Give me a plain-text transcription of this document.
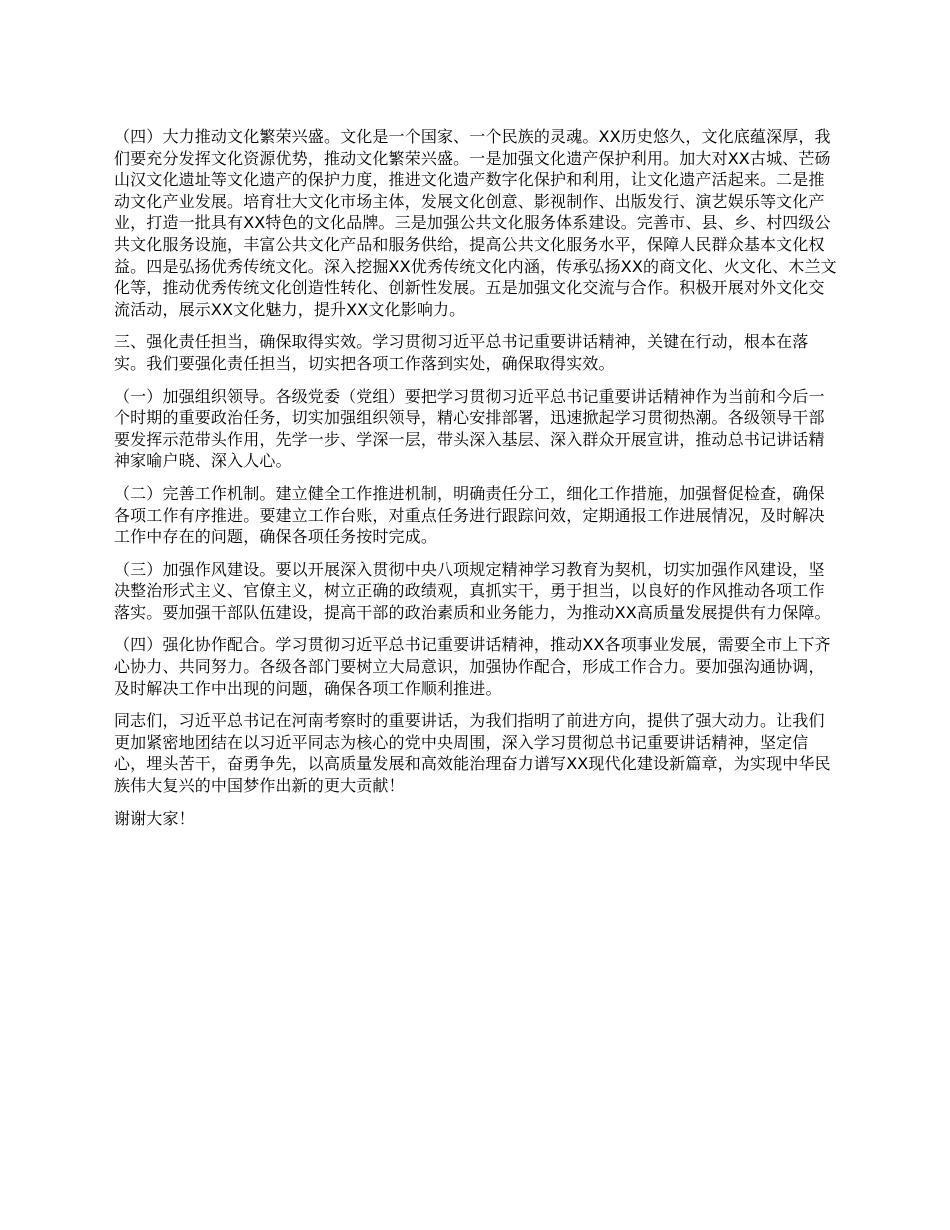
（四）大力推动文化繁荣兴盛。文化是一个国家、一个民族的灵魂。XX历史悠久，文化底蕴深厚，我们要充分发挥文化资源优势，推动文化繁荣兴盛。一是加强文化遗产保护利用。加大对XX古城、芒砀山汉文化遗址等文化遗产的保护力度，推进文化遗产数字化保护和利用，让文化遗产活起来。二是推动文化产业发展。培育壮大文化市场主体，发展文化创意、影视制作、出版发行、演艺娱乐等文化产业，打造一批具有XX特色的文化品牌。三是加强公共文化服务体系建设。完善市、县、乡、村四级公共文化服务设施，丰富公共文化产品和服务供给，提高公共文化服务水平，保障人民群众基本文化权益。四是弘扬优秀传统文化。深入挖掘XX优秀传统文化内涵，传承弘扬XX的商文化、火文化、木兰文化等，推动优秀传统文化创造性转化、创新性发展。五是加强文化交流与合作。积极开展对外文化交流活动，展示XX文化魅力，提升XX文化影响力。

三、强化责任担当，确保取得实效。学习贯彻习近平总书记重要讲话精神，关键在行动，根本在落实。我们要强化责任担当，切实把各项工作落到实处，确保取得实效。

（一）加强组织领导。各级党委（党组）要把学习贯彻习近平总书记重要讲话精神作为当前和今后一个时期的重要政治任务，切实加强组织领导，精心安排部署，迅速掀起学习贯彻热潮。各级领导干部要发挥示范带头作用，先学一步、学深一层，带头深入基层、深入群众开展宣讲，推动总书记讲话精神家喻户晓、深入人心。

（二）完善工作机制。建立健全工作推进机制，明确责任分工，细化工作措施，加强督促检查，确保各项工作有序推进。要建立工作台账，对重点任务进行跟踪问效，定期通报工作进展情况，及时解决工作中存在的问题，确保各项任务按时完成。

（三）加强作风建设。要以开展深入贯彻中央八项规定精神学习教育为契机，切实加强作风建设，坚决整治形式主义、官僚主义，树立正确的政绩观，真抓实干，勇于担当，以良好的作风推动各项工作落实。要加强干部队伍建设，提高干部的政治素质和业务能力，为推动XX高质量发展提供有力保障。

（四）强化协作配合。学习贯彻习近平总书记重要讲话精神，推动XX各项事业发展，需要全市上下齐心协力、共同努力。各级各部门要树立大局意识，加强协作配合，形成工作合力。要加强沟通协调，及时解决工作中出现的问题，确保各项工作顺利推进。

同志们，习近平总书记在河南考察时的重要讲话，为我们指明了前进方向，提供了强大动力。让我们更加紧密地团结在以习近平同志为核心的党中央周围，深入学习贯彻总书记重要讲话精神，坚定信心，埋头苦干，奋勇争先，以高质量发展和高效能治理奋力谱写XX现代化建设新篇章，为实现中华民族伟大复兴的中国梦作出新的更大贡献！

谢谢大家！
